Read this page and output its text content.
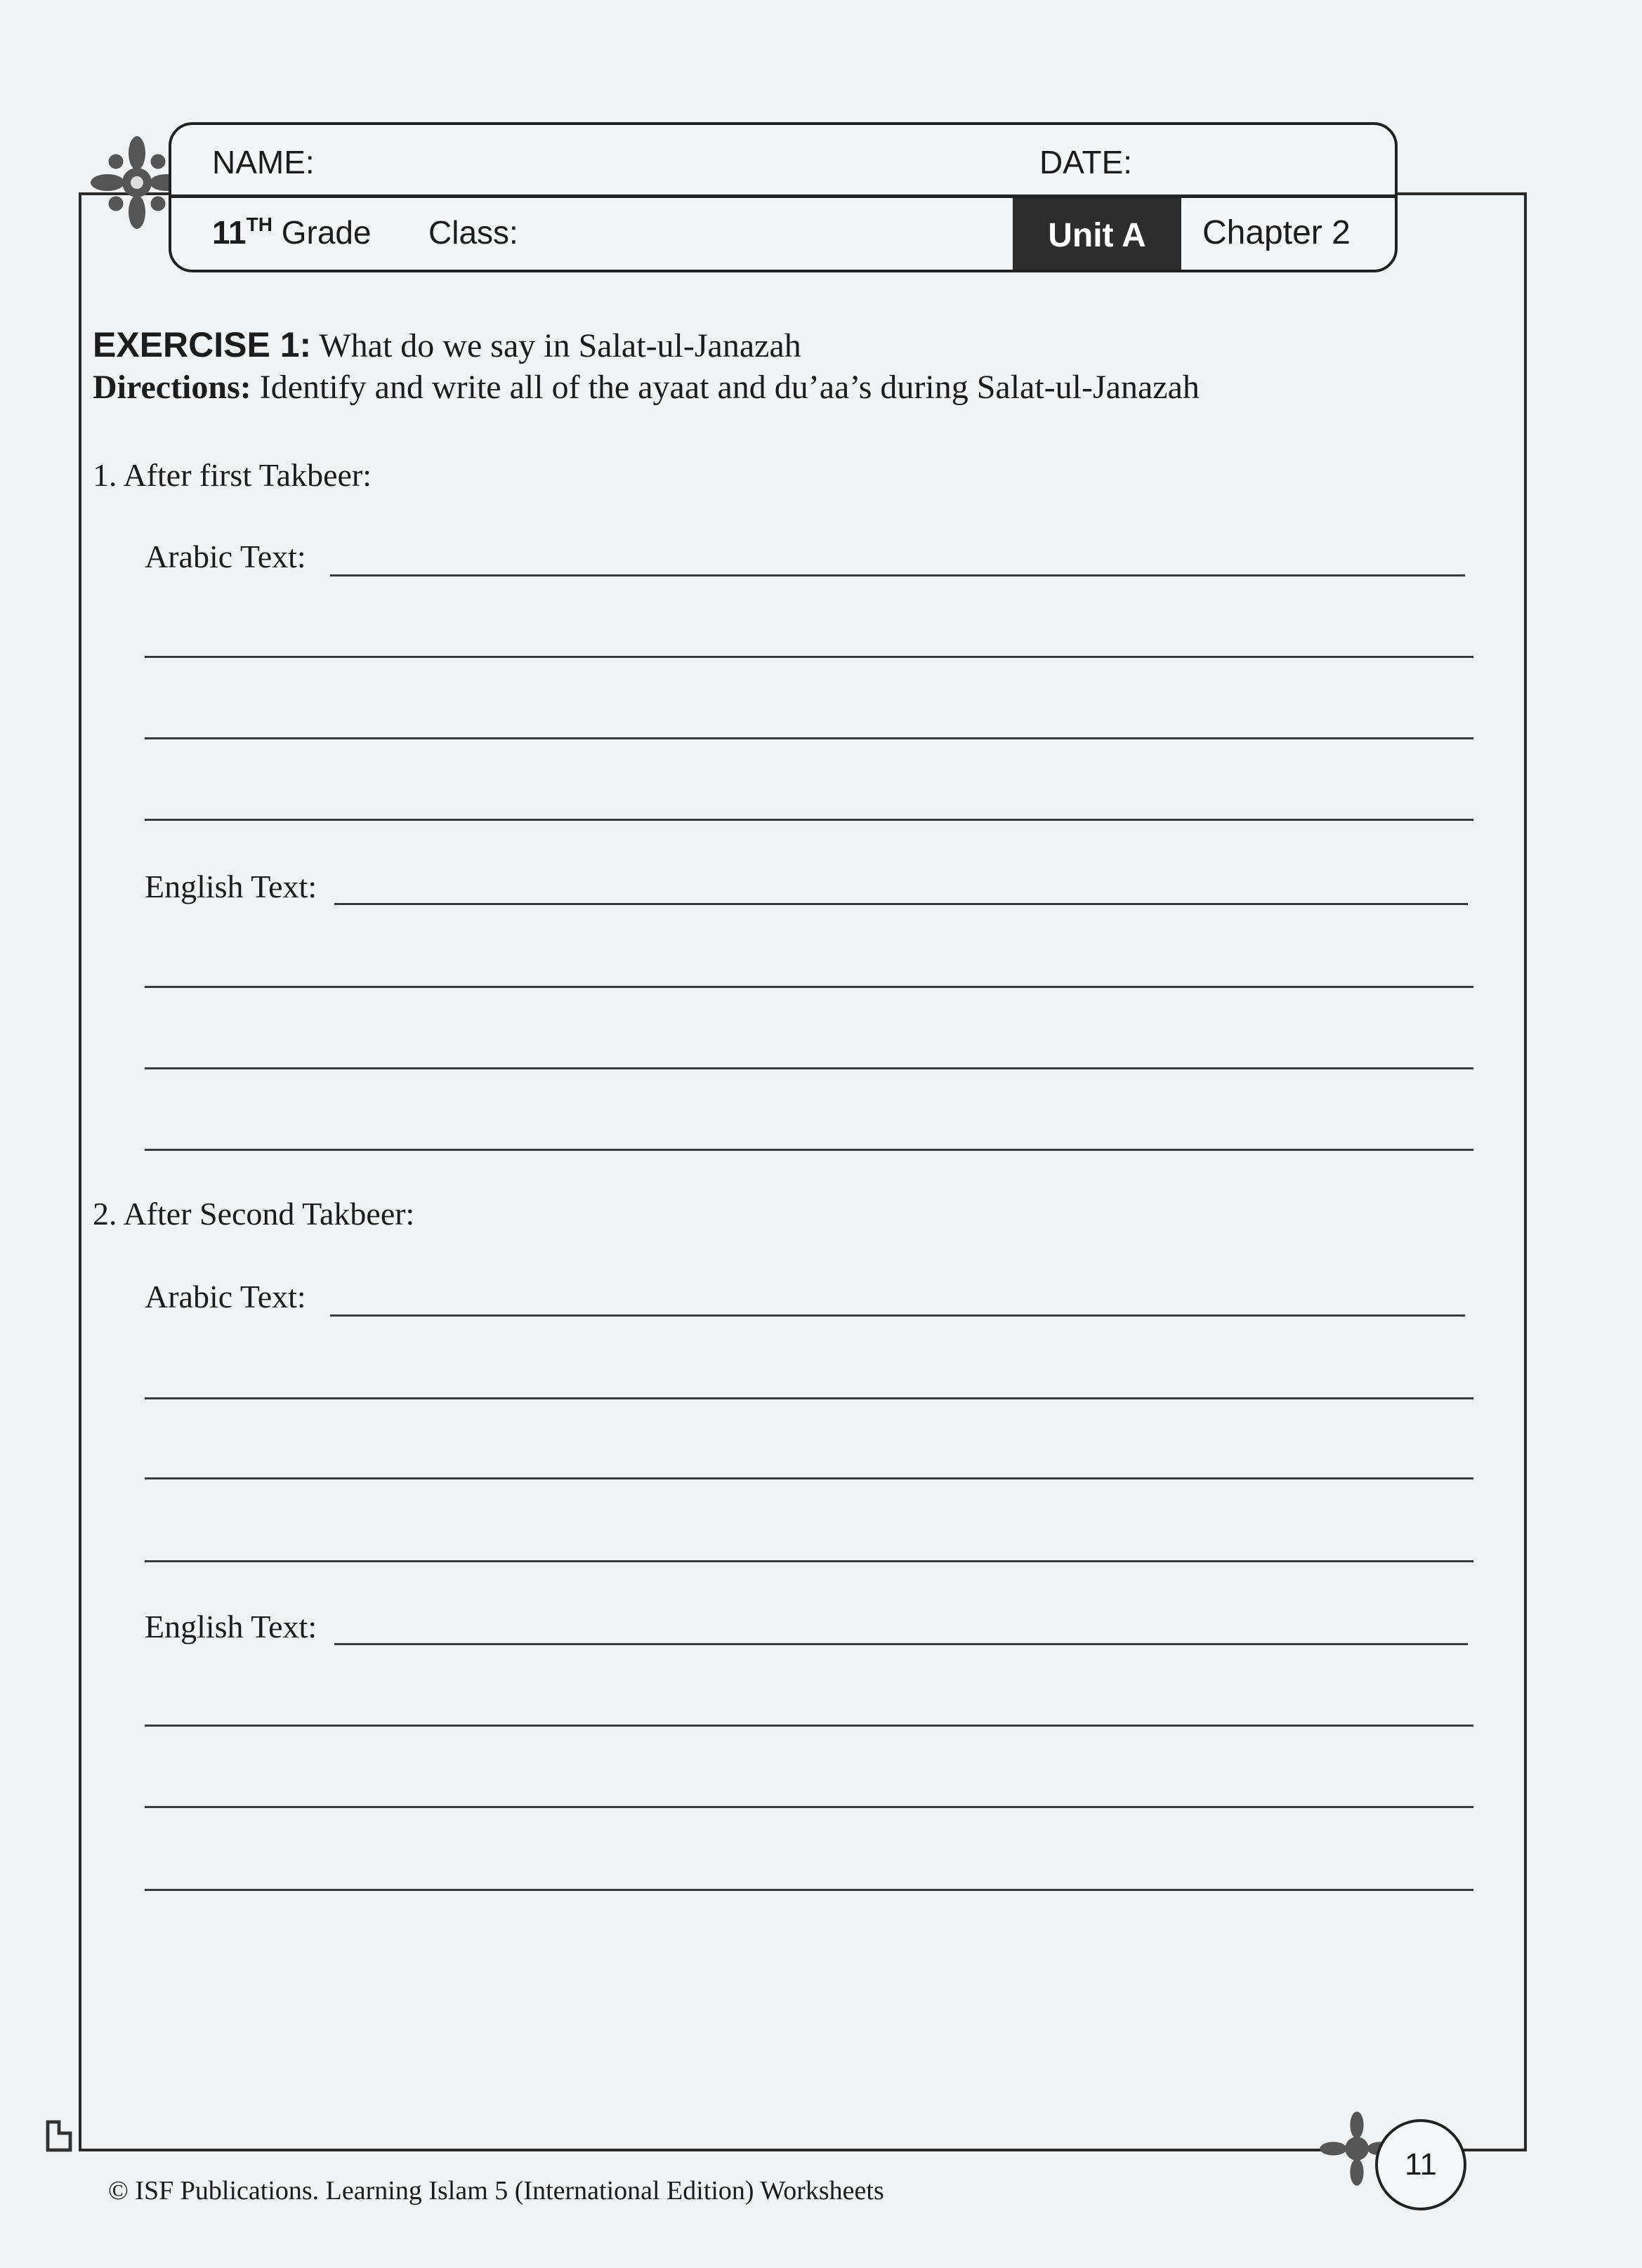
NAME:	DATE:
11TH Grade Class:	Unit A	Chapter 2
EXERCISE 1: What do we say in Salat-ul-Janazah
Directions: Identify and write all of the ayaat and du’aa’s during Salat-ul-Janazah
1. After first Takbeer:
Arabic Text:
English Text:
2. After Second Takbeer:
Arabic Text:
English Text:
© ISF Publications. Learning Islam 5 (International Edition) Worksheets
11
